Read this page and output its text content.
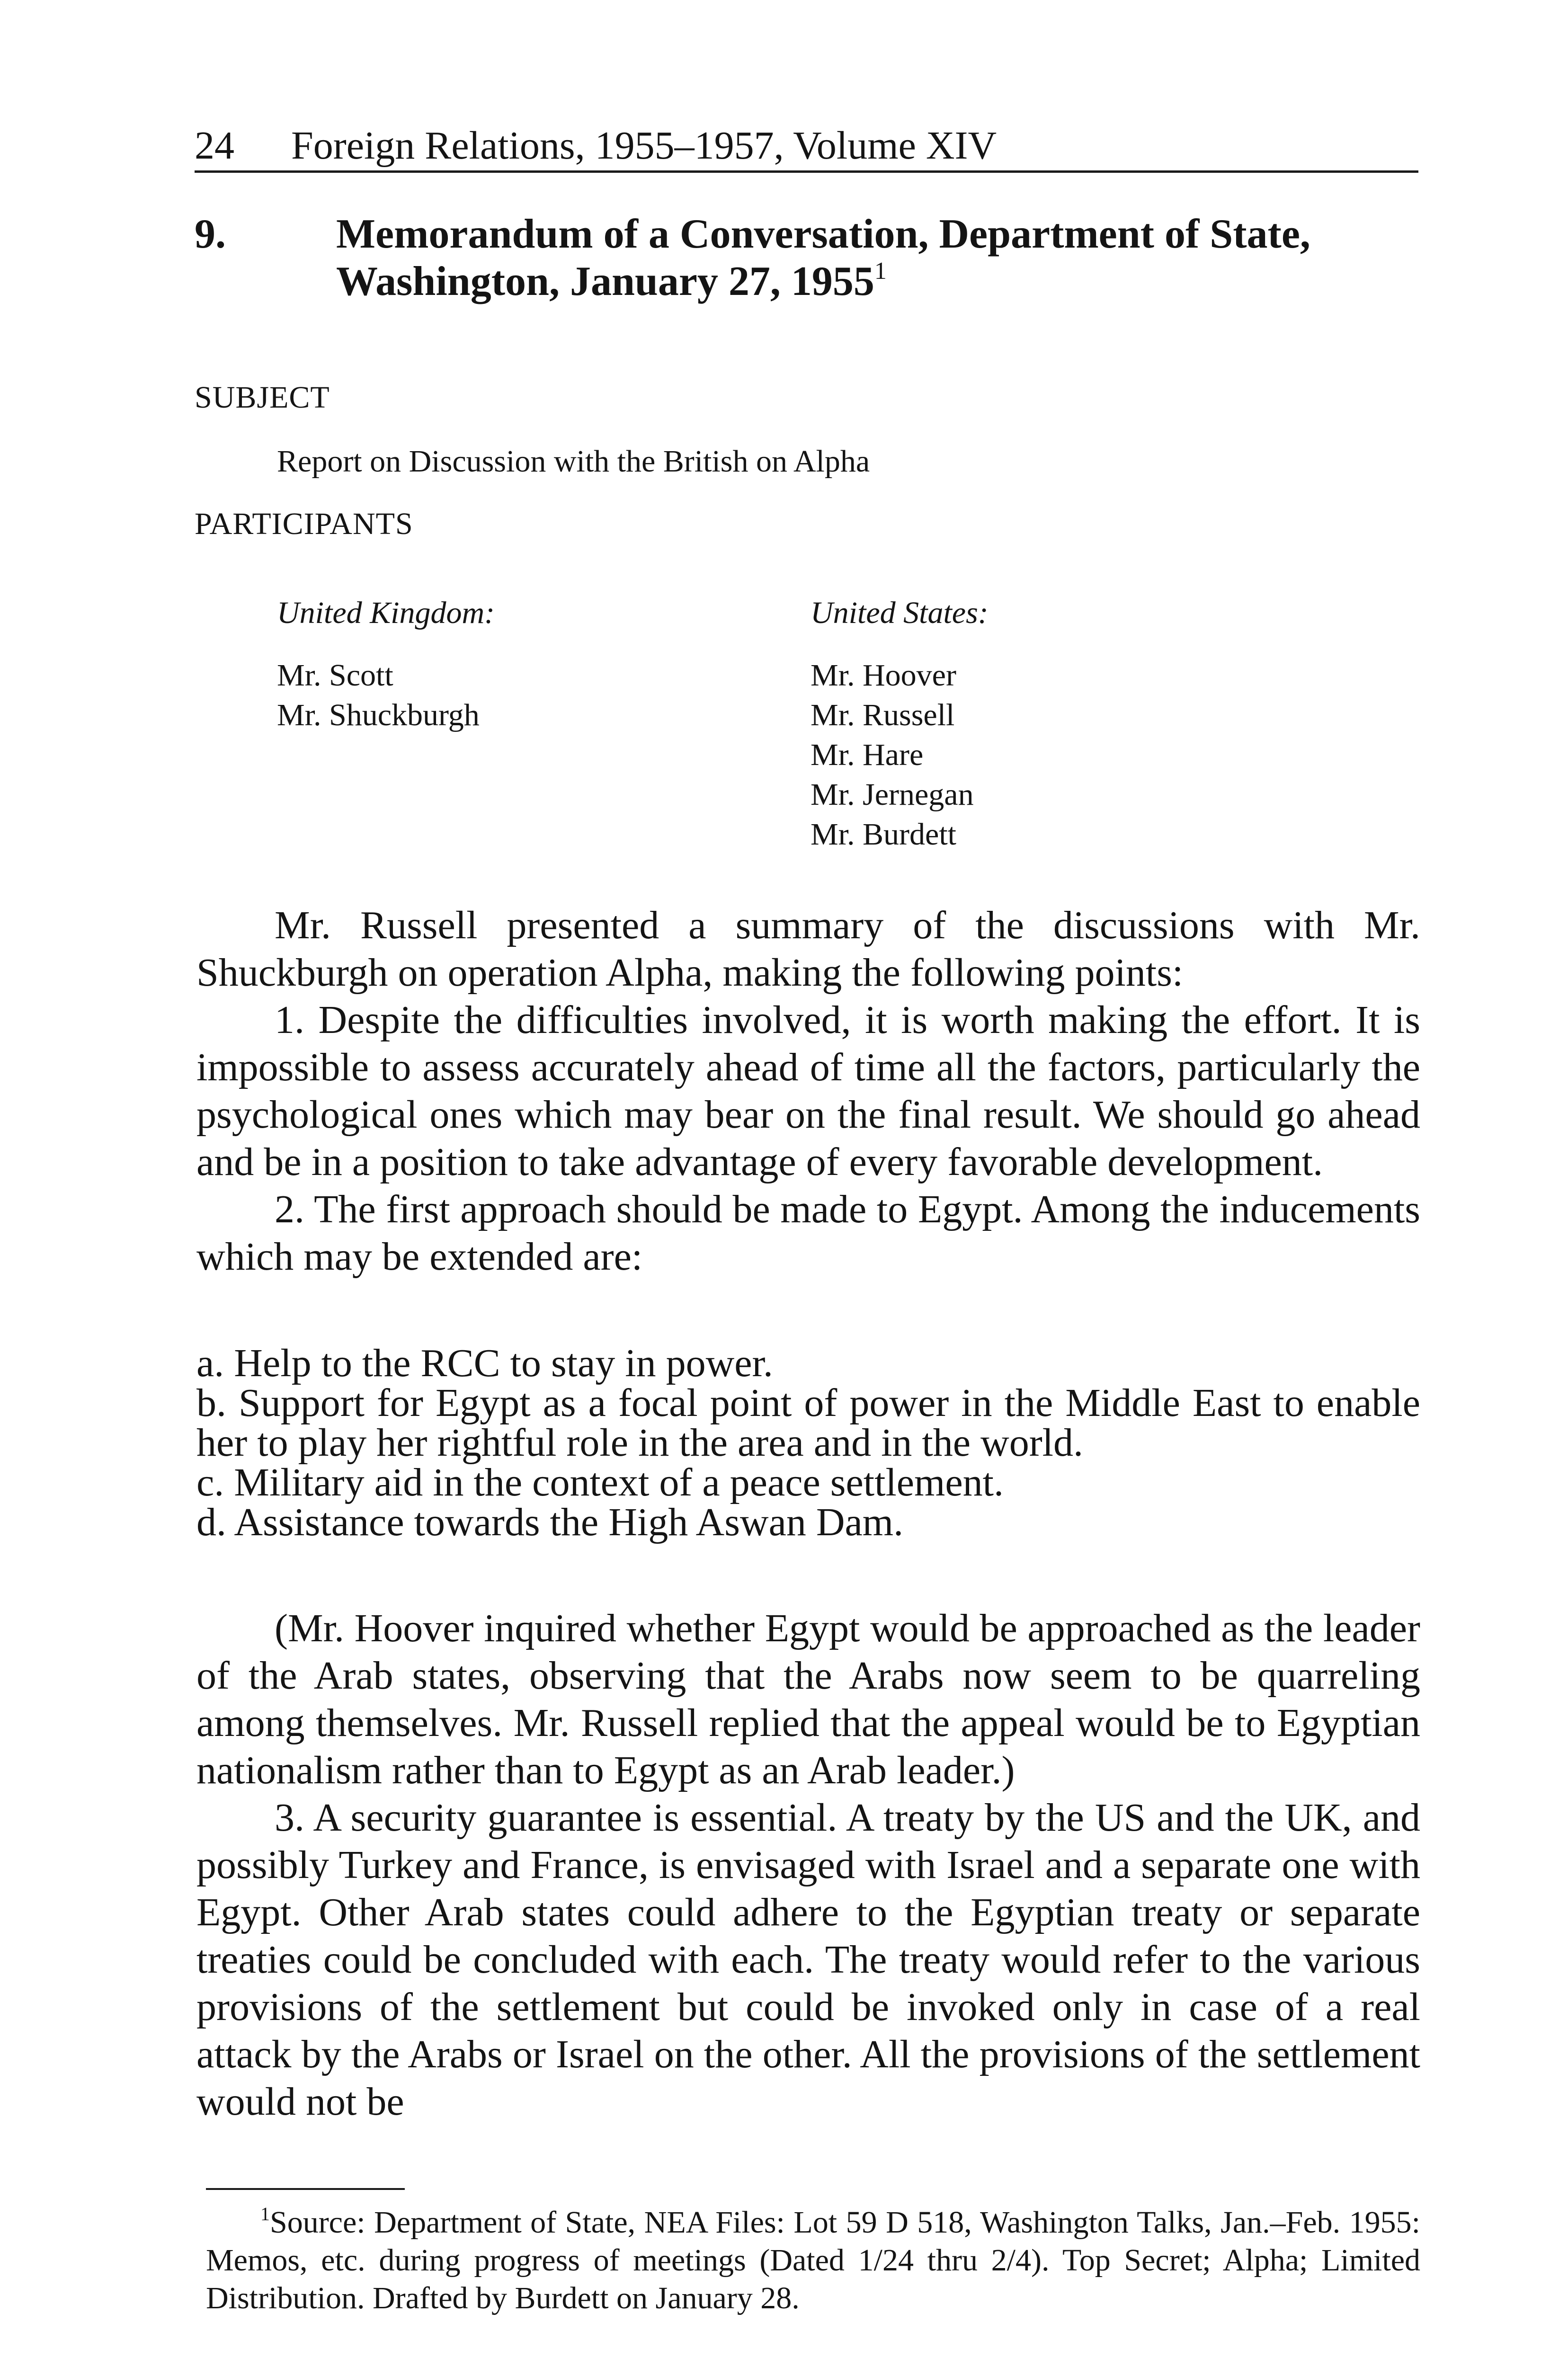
24 Foreign Relations, 1955–1957, Volume XIV
9.	Memorandum of a Conversation, Department of State,
Washington, January 27, 1955$^1$
SUBJECT
Report on Discussion with the British on Alpha
PARTICIPANTS
United Kingdom:
Mr. Scott
Mr. Shuckburgh
United States:
Mr. Hoover
Mr. Russell
Mr. Hare
Mr. Jernegan
Mr. Burdett

Mr. Russell presented a summary of the discussions with Mr. Shuckburgh on operation Alpha, making the following points:

1. Despite the difficulties involved, it is worth making the effort. It is impossible to assess accurately ahead of time all the factors, particularly the psychological ones which may bear on the final result. We should go ahead and be in a position to take advantage of every favorable development.

2. The first approach should be made to Egypt. Among the inducements which may be extended are:

a. Help to the RCC to stay in power.

b. Support for Egypt as a focal point of power in the Middle East to enable her to play her rightful role in the area and in the world.

c. Military aid in the context of a peace settlement.

d. Assistance towards the High Aswan Dam.

(Mr. Hoover inquired whether Egypt would be approached as the leader of the Arab states, observing that the Arabs now seem to be quarreling among themselves. Mr. Russell replied that the appeal would be to Egyptian nationalism rather than to Egypt as an Arab leader.)

3. A security guarantee is essential. A treaty by the US and the UK, and possibly Turkey and France, is envisaged with Israel and a separate one with Egypt. Other Arab states could adhere to the Egyptian treaty or separate treaties could be concluded with each. The treaty would refer to the various provisions of the settlement but could be invoked only in case of a real attack by the Arabs or Israel on the other. All the provisions of the settlement would not be

$^1$Source: Department of State, NEA Files: Lot 59 D 518, Washington Talks, Jan.–Feb. 1955: Memos, etc. during progress of meetings (Dated 1/24 thru 2/4). Top Secret; Alpha; Limited Distribution. Drafted by Burdett on January 28.
